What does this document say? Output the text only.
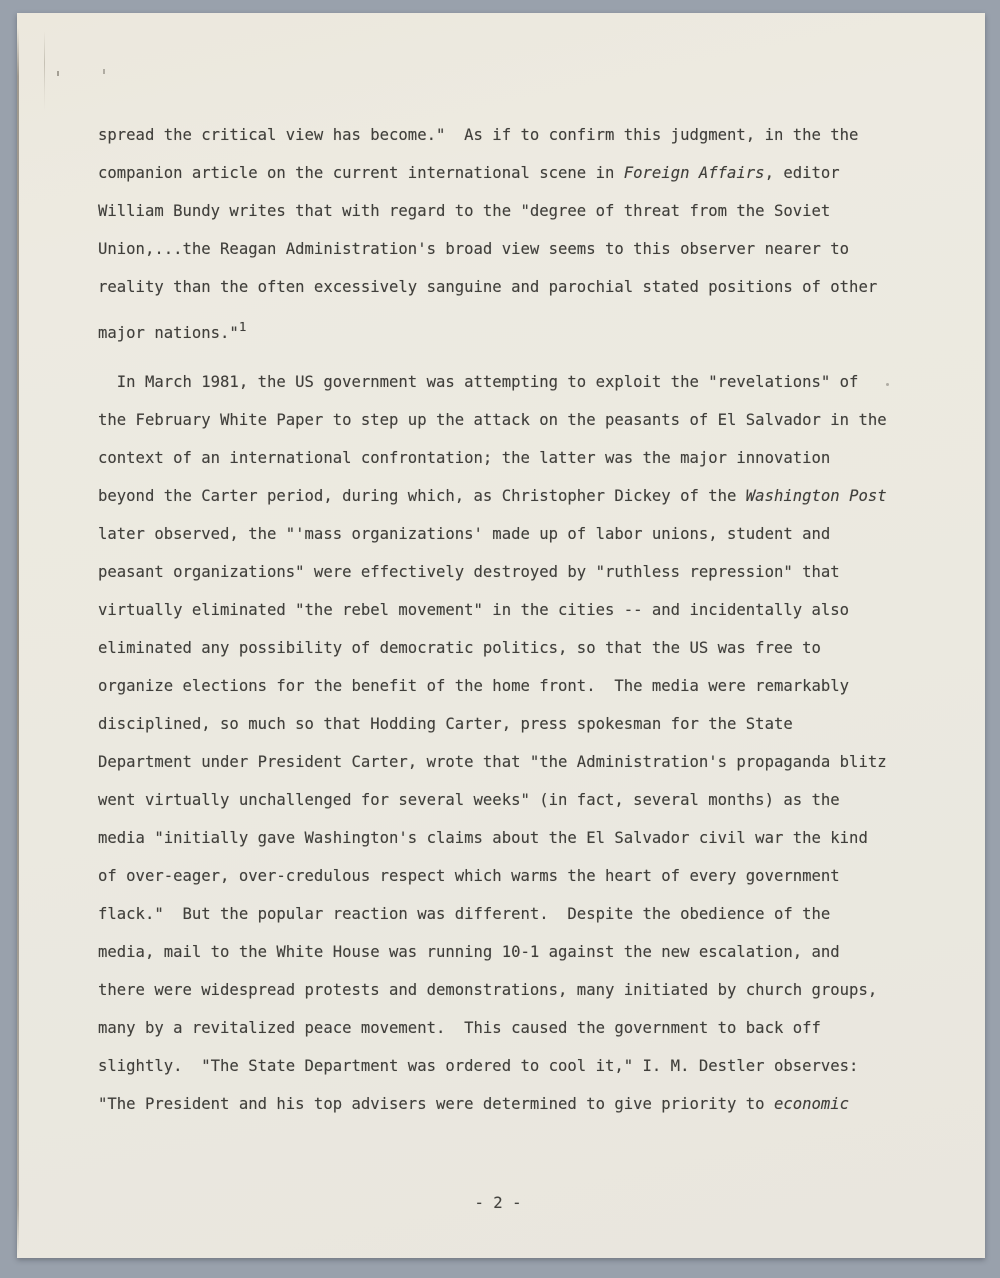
spread the critical view has become."  As if to confirm this judgment, in the the
companion article on the current international scene in Foreign Affairs, editor
William Bundy writes that with regard to the "degree of threat from the Soviet
Union,...the Reagan Administration's broad view seems to this observer nearer to
reality than the often excessively sanguine and parochial stated positions of other
major nations."$^1$
In March 1981, the US government was attempting to exploit the "revelations" of
the February White Paper to step up the attack on the peasants of El Salvador in the
context of an international confrontation; the latter was the major innovation
beyond the Carter period, during which, as Christopher Dickey of the Washington Post
later observed, the "'mass organizations' made up of labor unions, student and
peasant organizations" were effectively destroyed by "ruthless repression" that
virtually eliminated "the rebel movement" in the cities -- and incidentally also
eliminated any possibility of democratic politics, so that the US was free to
organize elections for the benefit of the home front.  The media were remarkably
disciplined, so much so that Hodding Carter, press spokesman for the State
Department under President Carter, wrote that "the Administration's propaganda blitz
went virtually unchallenged for several weeks" (in fact, several months) as the
media "initially gave Washington's claims about the El Salvador civil war the kind
of over-eager, over-credulous respect which warms the heart of every government
flack."  But the popular reaction was different.  Despite the obedience of the
media, mail to the White House was running 10-1 against the new escalation, and
there were widespread protests and demonstrations, many initiated by church groups,
many by a revitalized peace movement.  This caused the government to back off
slightly.  "The State Department was ordered to cool it," I. M. Destler observes:
"The President and his top advisers were determined to give priority to economic
- 2 -
